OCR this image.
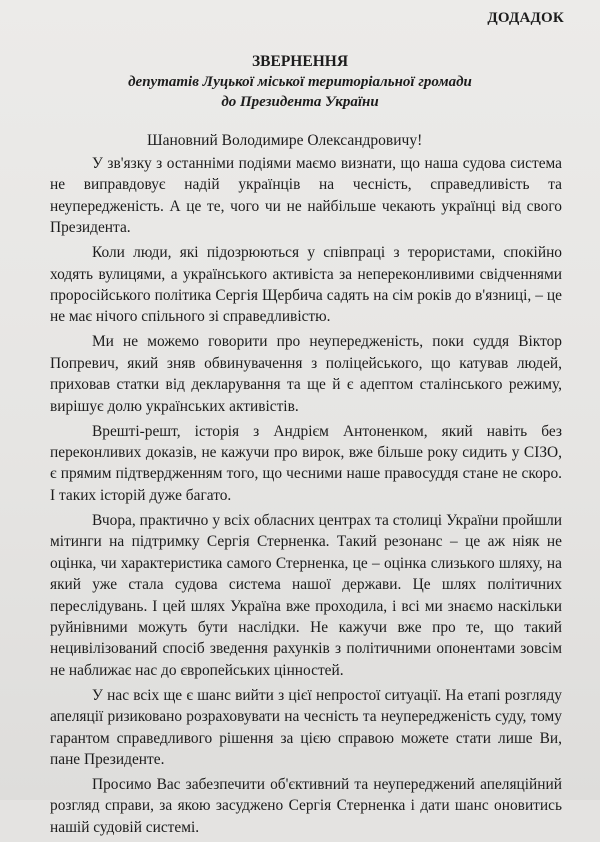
ДОДАДОК
ЗВЕРНЕННЯ
депутатів Луцької міської територіальної громади
до Президента України
Шановний Володимире Олександровичу!

У зв'язку з останніми подіями маємо визнати, що наша судова система не виправдовує надій українців на чесність, справедливість та неупередженість. А це те, чого чи не найбільше чекають українці від свого Президента.

Коли люди, які підозрюються у співпраці з терористами, спокійно ходять вулицями, а українського активіста за непереконливими свідченнями проросійського політика Сергія Щербича садять на сім років до в'язниці, – це не має нічого спільного зі справедливістю.

Ми не можемо говорити про неупередженість, поки суддя Віктор Попревич, який зняв обвинувачення з поліцейського, що катував людей, приховав статки від декларування та ще й є адептом сталінського режиму, вирішує долю українських активістів.

Врешті-решт, історія з Андрієм Антоненком, який навіть без переконливих доказів, не кажучи про вирок, вже більше року сидить у СІЗО, є прямим підтвердженням того, що чесними наше правосуддя стане не скоро. І таких історій дуже багато.

Вчора, практично у всіх обласних центрах та столиці України пройшли мітинги на підтримку Сергія Стерненка. Такий резонанс – це аж ніяк не оцінка, чи характеристика самого Стерненка, це – оцінка слизького шляху, на який уже стала судова система нашої держави. Це шлях політичних переслідувань. І цей шлях Україна вже проходила, і всі ми знаємо наскільки руйнівними можуть бути наслідки. Не кажучи вже про те, що такий нецивілізований спосіб зведення рахунків з політичними опонентами зовсім не наближає нас до європейських цінностей.

У нас всіх ще є шанс вийти з цієї непростої ситуації. На етапі розгляду апеляції ризиковано розраховувати на чесність та неупередженість суду, тому гарантом справедливого рішення за цією справою можете стати лише Ви, пане Президенте.

Просимо Вас забезпечити об'єктивний та неупереджений апеляційний розгляд справи, за якою засуджено Сергія Стерненка і дати шанс оновитись нашій судовій системі.
